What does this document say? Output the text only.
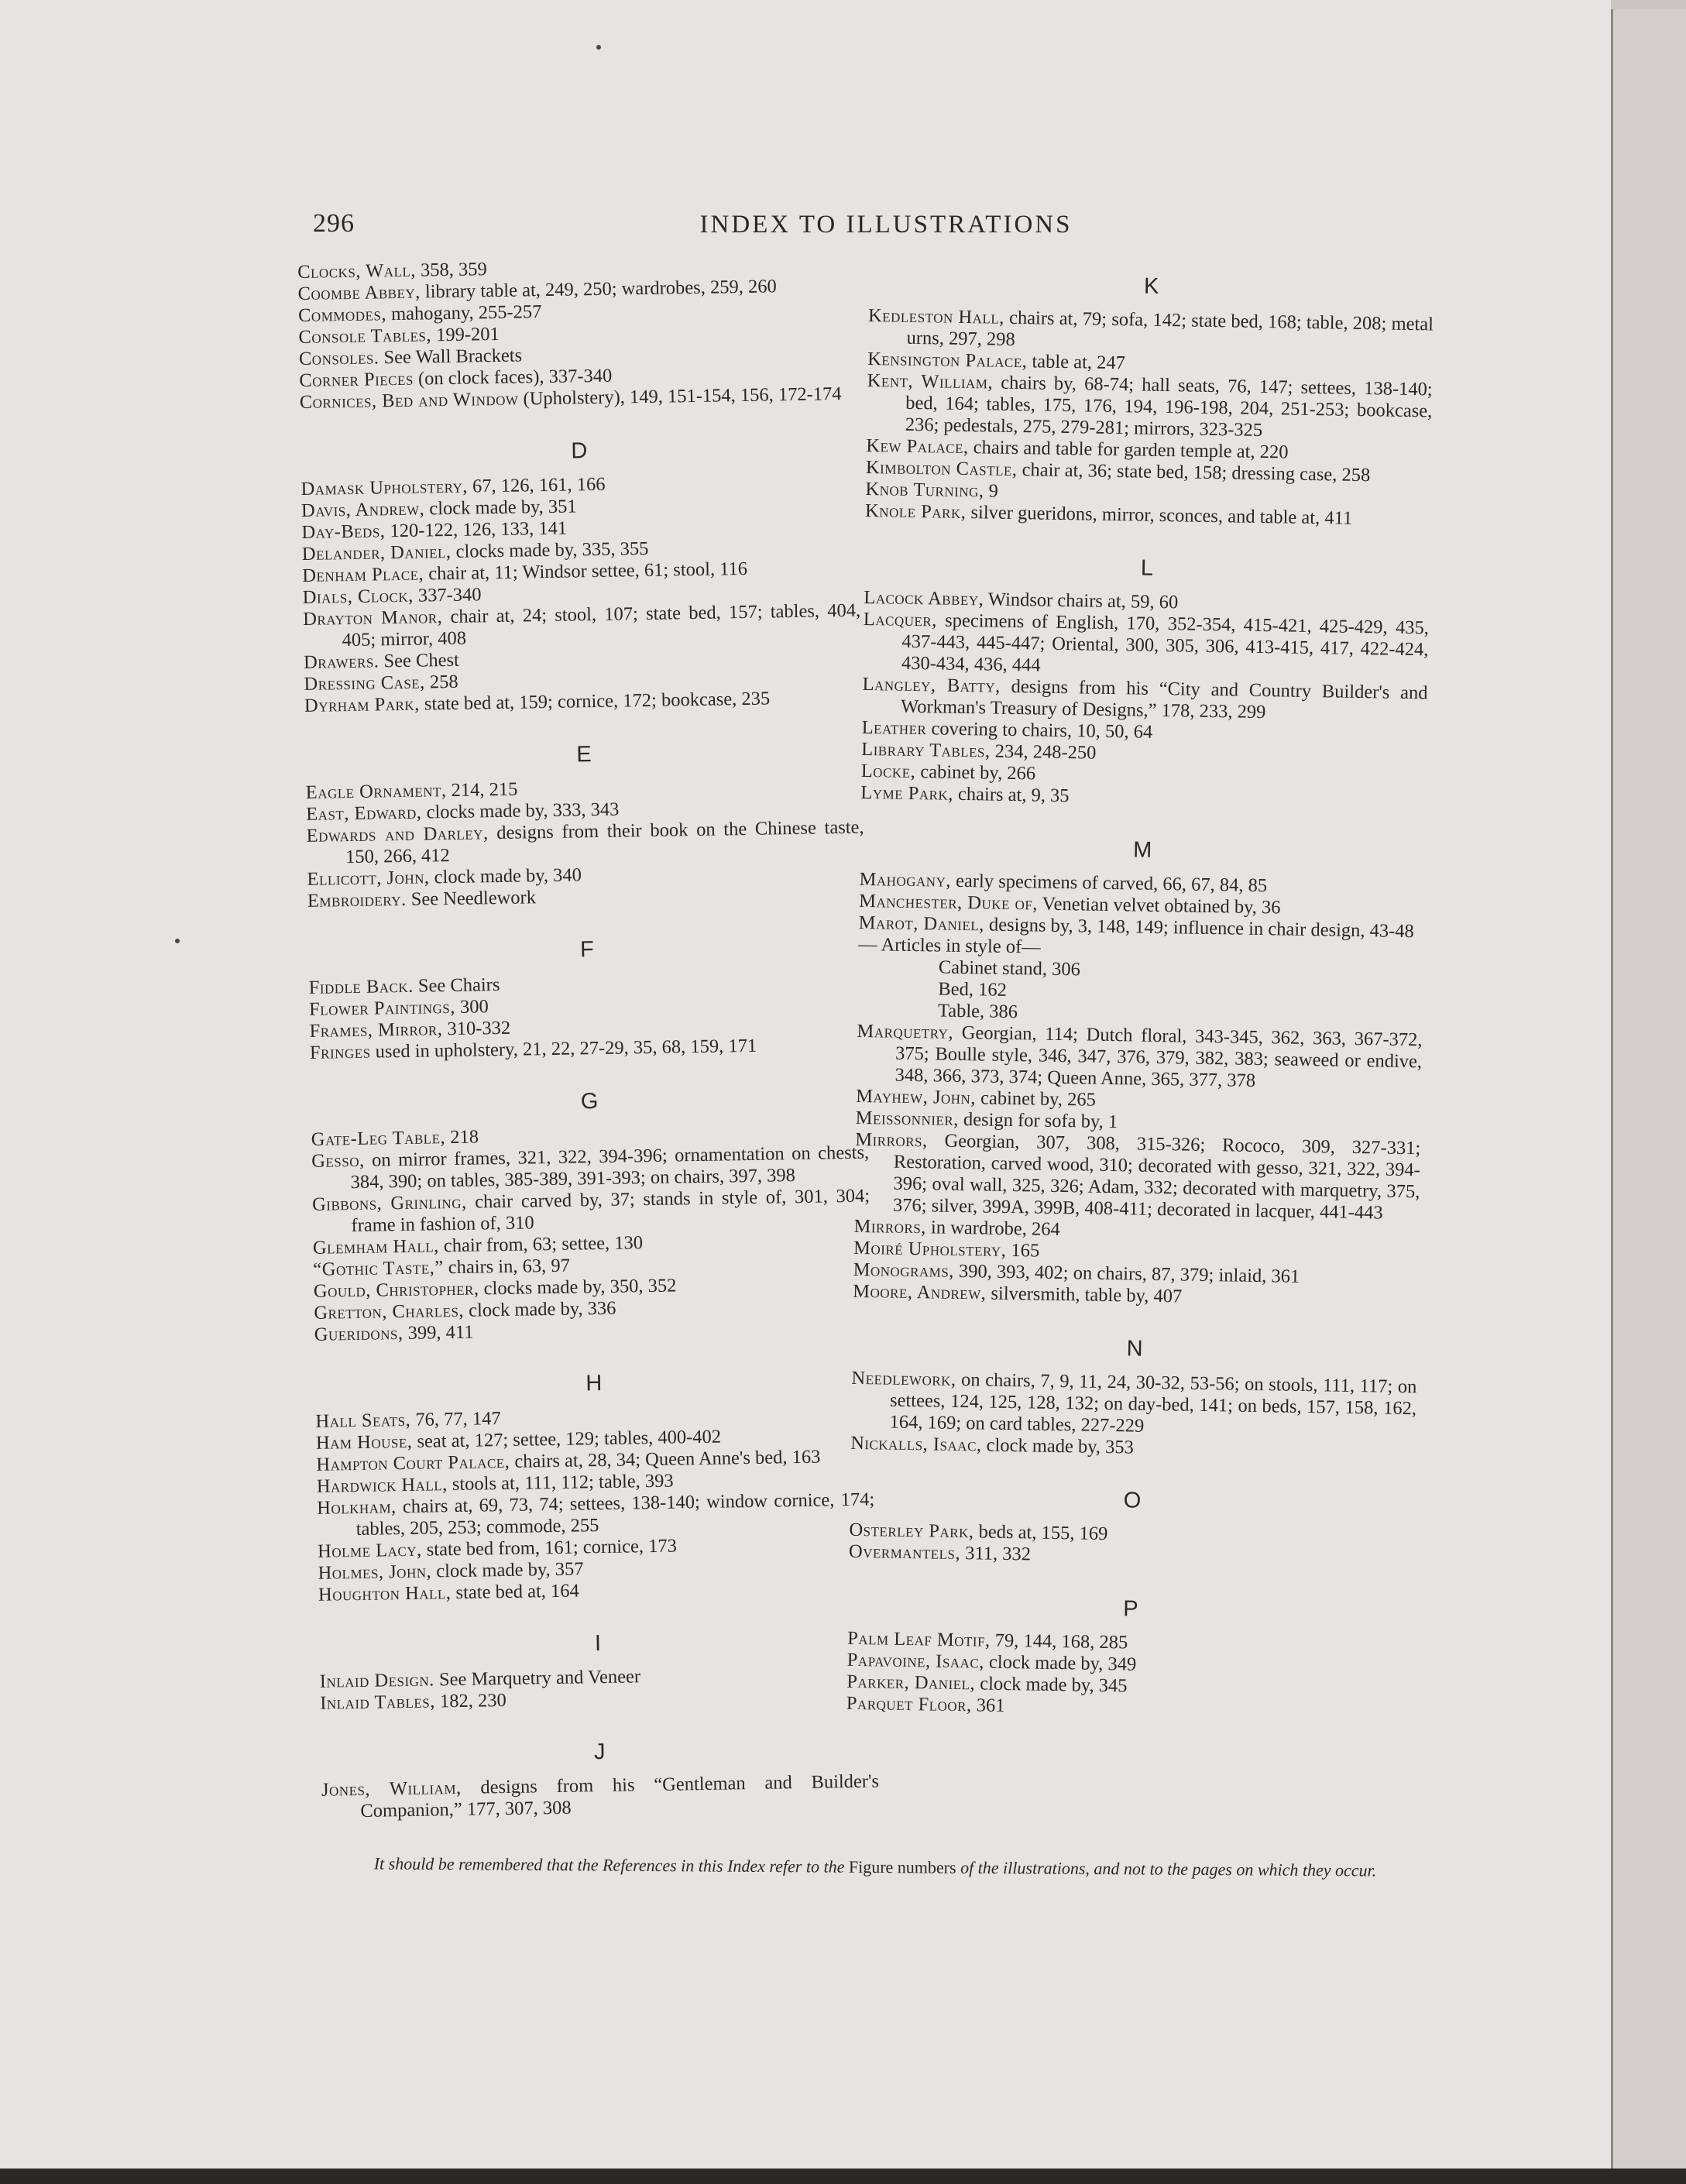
296	INDEX TO ILLUSTRATIONS
Clocks, Wall, 358, 359
Coombe Abbey, library table at, 249, 250; wardrobes, 259, 260
Commodes, mahogany, 255-257
Console Tables, 199-201
Consoles. See Wall Brackets
Corner Pieces (on clock faces), 337-340
Cornices, Bed and Window (Upholstery), 149, 151-154, 156, 172-174
D
Damask Upholstery, 67, 126, 161, 166
Davis, Andrew, clock made by, 351
Day-Beds, 120-122, 126, 133, 141
Delander, Daniel, clocks made by, 335, 355
Denham Place, chair at, 11; Windsor settee, 61; stool, 116
Dials, Clock, 337-340
Drayton Manor, chair at, 24; stool, 107; state bed, 157; tables, 404, 405; mirror, 408
Drawers. See Chest
Dressing Case, 258
Dyrham Park, state bed at, 159; cornice, 172; bookcase, 235
E
Eagle Ornament, 214, 215
East, Edward, clocks made by, 333, 343
Edwards and Darley, designs from their book on the Chinese taste, 150, 266, 412
Ellicott, John, clock made by, 340
Embroidery. See Needlework
F
Fiddle Back. See Chairs
Flower Paintings, 300
Frames, Mirror, 310-332
Fringes used in upholstery, 21, 22, 27-29, 35, 68, 159, 171
G
Gate-Leg Table, 218
Gesso, on mirror frames, 321, 322, 394-396; ornamentation on chests, 384, 390; on tables, 385-389, 391-393; on chairs, 397, 398
Gibbons, Grinling, chair carved by, 37; stands in style of, 301, 304; frame in fashion of, 310
Glemham Hall, chair from, 63; settee, 130
“Gothic Taste,” chairs in, 63, 97
Gould, Christopher, clocks made by, 350, 352
Gretton, Charles, clock made by, 336
Gueridons, 399, 411
H
Hall Seats, 76, 77, 147
Ham House, seat at, 127; settee, 129; tables, 400-402
Hampton Court Palace, chairs at, 28, 34; Queen Anne's bed, 163
Hardwick Hall, stools at, 111, 112; table, 393
Holkham, chairs at, 69, 73, 74; settees, 138-140; window cornice, 174; tables, 205, 253; commode, 255
Holme Lacy, state bed from, 161; cornice, 173
Holmes, John, clock made by, 357
Houghton Hall, state bed at, 164
I
Inlaid Design. See Marquetry and Veneer
Inlaid Tables, 182, 230
J
Jones, William, designs from his “Gentleman and Builder's Companion,” 177, 307, 308
K
Kedleston Hall, chairs at, 79; sofa, 142; state bed, 168; table, 208; metal urns, 297, 298
Kensington Palace, table at, 247
Kent, William, chairs by, 68-74; hall seats, 76, 147; settees, 138-140; bed, 164; tables, 175, 176, 194, 196-198, 204, 251-253; bookcase, 236; pedestals, 275, 279-281; mirrors, 323-325
Kew Palace, chairs and table for garden temple at, 220
Kimbolton Castle, chair at, 36; state bed, 158; dressing case, 258
Knob Turning, 9
Knole Park, silver gueridons, mirror, sconces, and table at, 411
L
Lacock Abbey, Windsor chairs at, 59, 60
Lacquer, specimens of English, 170, 352-354, 415-421, 425-429, 435, 437-443, 445-447; Oriental, 300, 305, 306, 413-415, 417, 422-424, 430-434, 436, 444
Langley, Batty, designs from his “City and Country Builder's and Workman's Treasury of Designs,” 178, 233, 299
Leather covering to chairs, 10, 50, 64
Library Tables, 234, 248-250
Locke, cabinet by, 266
Lyme Park, chairs at, 9, 35
M
Mahogany, early specimens of carved, 66, 67, 84, 85
Manchester, Duke of, Venetian velvet obtained by, 36
Marot, Daniel, designs by, 3, 148, 149; influence in chair design, 43-48
— Articles in style of—
Cabinet stand, 306
Bed, 162
Table, 386
Marquetry, Georgian, 114; Dutch floral, 343-345, 362, 363, 367-372, 375; Boulle style, 346, 347, 376, 379, 382, 383; seaweed or endive, 348, 366, 373, 374; Queen Anne, 365, 377, 378
Mayhew, John, cabinet by, 265
Meissonnier, design for sofa by, 1
Mirrors, Georgian, 307, 308, 315-326; Rococo, 309, 327-331; Restoration, carved wood, 310; decorated with gesso, 321, 322, 394-396; oval wall, 325, 326; Adam, 332; decorated with marquetry, 375, 376; silver, 399A, 399B, 408-411; decorated in lacquer, 441-443
Mirrors, in wardrobe, 264
Moiré Upholstery, 165
Monograms, 390, 393, 402; on chairs, 87, 379; inlaid, 361
Moore, Andrew, silversmith, table by, 407
N
Needlework, on chairs, 7, 9, 11, 24, 30-32, 53-56; on stools, 111, 117; on settees, 124, 125, 128, 132; on day-bed, 141; on beds, 157, 158, 162, 164, 169; on card tables, 227-229
Nickalls, Isaac, clock made by, 353
O
Osterley Park, beds at, 155, 169
Overmantels, 311, 332
P
Palm Leaf Motif, 79, 144, 168, 285
Papavoine, Isaac, clock made by, 349
Parker, Daniel, clock made by, 345
Parquet Floor, 361
It should be remembered that the References in this Index refer to the Figure numbers of the illustrations, and not to the pages on which they occur.
